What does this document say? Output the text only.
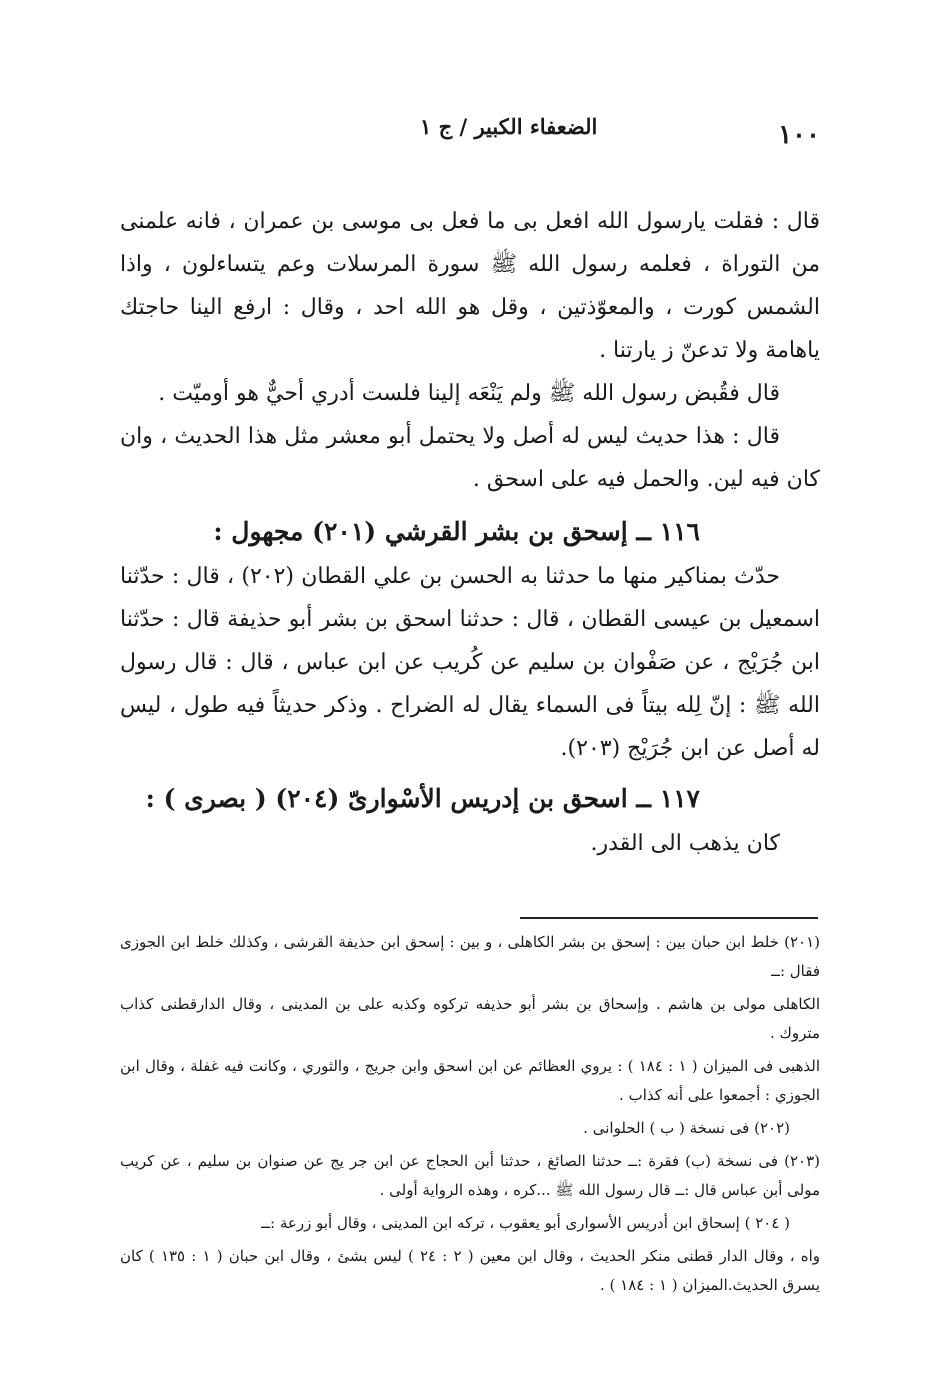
١٠٠
الضعفاء الكبير / ج ١

قال : فقلت يارسول الله افعل بى ما فعل بى موسى بن عمران ، فانه علمنى من التوراة ، فعلمه رسول الله ﷺ سورة المرسلات وعم يتساءلون ، واذا الشمس كورت ، والمعوّذتين ، وقل هو الله احد ، وقال : ارفع الينا حاجتك ياهامة ولا تدعنّ ز يارتنا .

قال فقُبض رسول الله ﷺ ولم يَنْعَه إلينا فلست أدري أحيٌّ هو أوميّت .

قال : هذا حديث ليس له أصل ولا يحتمل أبو معشر مثل هذا الحديث ، وان كان فيه لين. والحمل فيه على اسحق .

١١٦ ــ إسحق بن بشر القرشي (٢٠١) مجهول :

حدّث بمناكير منها ما حدثنا به الحسن بن علي القطان (٢٠٢) ، قال : حدّثنا اسمعيل بن عيسى القطان ، قال : حدثنا اسحق بن بشر أبو حذيفة قال : حدّثنا ابن جُرَيْج ، عن صَفْوان بن سليم عن كُريب عن ابن عباس ، قال : قال رسول الله ﷺ : إنّ لِله بيتاً فى السماء يقال له الضراح . وذكر حديثاً فيه طول ، ليس له أصل عن ابن جُرَيْج (٢٠٣).

١١٧ ــ اسحق بن إدريس الأسْوارىّ (٢٠٤) ( بصرى ) :

كان يذهب الى القدر.

(٢٠١) خلط ابن حبان بين : إسحق بن بشر الكاهلى ، و بين : إسحق ابن حذيفة القرشى ، وكذلك خلط ابن الجوزى فقال :ــ

الكاهلى مولى بن هاشم . وإسحاق بن بشر أبو حذيفه تركوه وكذبه على بن المدينى ، وقال الدارقطنى كذاب متروك .

الذهبى فى الميزان ( ١ : ١٨٤ ) : يروي العظائم عن ابن اسحق وابن جريج ، والثوري ، وكانت فيه غفلة ، وقال ابن الجوزي : أجمعوا على أنه كذاب .

(٢٠٢) فى نسخة ( ب ) الحلوانى .

(٢٠٣) فى نسخة (ب) فقرة :ــ حدثنا الصائغ ، حدثنا أبن الحجاج عن ابن جر يج عن صنوان بن سليم ، عن كريب مولى أبن عباس قال :ــ قال رسول الله ﷺ ...كره ، وهذه الرواية أولى .

( ٢٠٤ ) إسحاق ابن أدريس الأسوارى أبو يعقوب ، تركه ابن المدينى ، وقال أبو زرعة :ــ

واه ، وقال الدار قطنى منكر الحديث ، وقال ابن معين ( ٢ : ٢٤ ) ليس بشئ ، وقال ابن حبان ( ١ : ١٣٥ ) كان يسرق الحديث.الميزان ( ١ : ١٨٤ ) .
